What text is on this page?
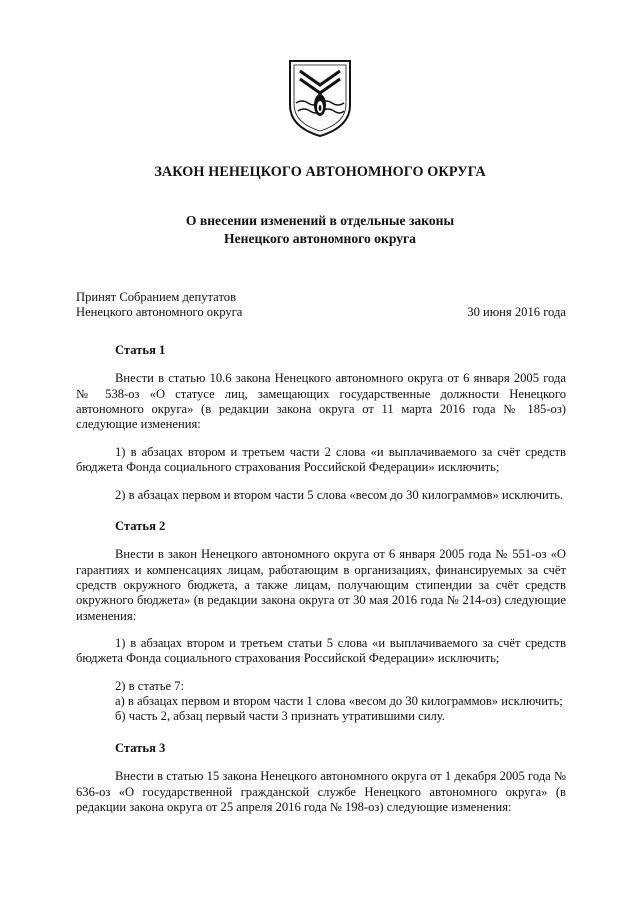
ЗАКОН НЕНЕЦКОГО АВТОНОМНОГО ОКРУГА
О внесении изменений в отдельные законы
Ненецкого автономного округа
Принят Собранием депутатов
Ненецкого автономного округа	30 июня 2016 года
Статья 1

Внести в статью 10.6 закона Ненецкого автономного округа от 6 января 2005 года № 538-оз «О статусе лиц, замещающих государственные должности Ненецкого автономного округа» (в редакции закона округа от 11 марта 2016 года № 185-оз) следующие изменения:

1) в абзацах втором и третьем части 2 слова «и выплачиваемого за счёт средств бюджета Фонда социального страхования Российской Федерации» исключить;

2) в абзацах первом и втором части 5 слова «весом до 30 килограммов» исключить.

Статья 2

Внести в закон Ненецкого автономного округа от 6 января 2005 года № 551-оз «О гарантиях и компенсациях лицам, работающим в организациях, финансируемых за счёт средств окружного бюджета, а также лицам, получающим стипендии за счёт средств окружного бюджета» (в редакции закона округа от 30 мая 2016 года № 214-оз) следующие изменения:

1) в абзацах втором и третьем статьи 5 слова «и выплачиваемого за счёт средств бюджета Фонда социального страхования Российской Федерации» исключить;

2) в статье 7:

а) в абзацах первом и втором части 1 слова «весом до 30 килограммов» исключить;

б) часть 2, абзац первый части 3 признать утратившими силу.

Статья 3

Внести в статью 15 закона Ненецкого автономного округа от 1 декабря 2005 года № 636-оз «О государственной гражданской службе Ненецкого автономного округа» (в редакции закона округа от 25 апреля 2016 года № 198-оз) следующие изменения:
